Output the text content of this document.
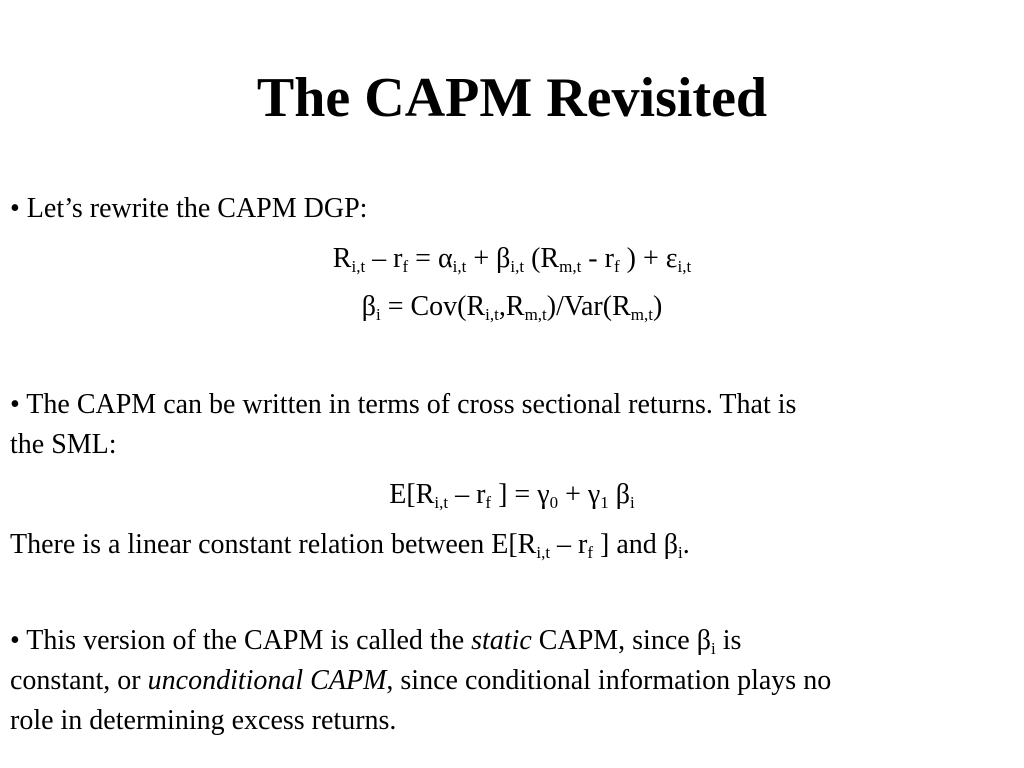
The CAPM Revisited
• Let’s rewrite the CAPM DGP:
$R_{i,t} - r_f = \alpha_{i,t} + \beta_{i,t}$ ($R_{m,t} - r_f$ ) + $\varepsilon_{i,t}$
$\beta_i = Cov(R_{i,t},R_{m,t})/Var(R_{m,t})$
• The CAPM can be written in terms of cross sectional returns. That is
the SML:
$E[R_{i,t} - r_f$ ] = $\gamma_0 + \gamma_1$ $\beta_i$
There is a linear constant relation between $E[R_{i,t} - r_f$ ] and $\beta_i$.
• This version of the CAPM is called the static CAPM, since $\beta_i$ is
constant, or unconditional CAPM, since conditional information plays no
role in determining excess returns.
